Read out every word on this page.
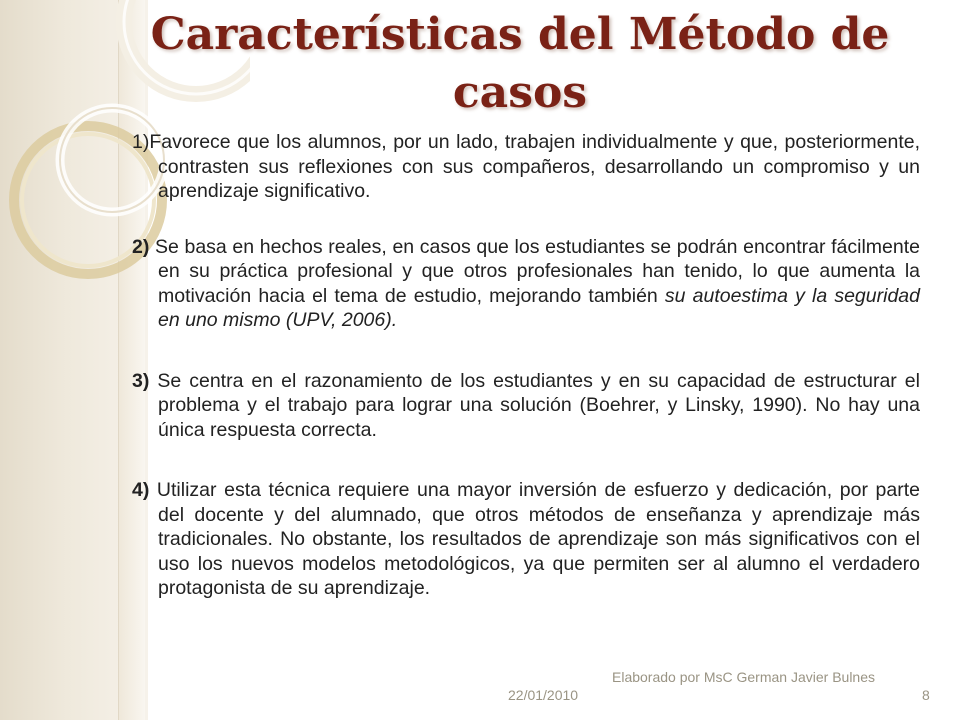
Características del Método de casos

1)Favorece que los alumnos, por un lado, trabajen individualmente y que, posteriormente, contrasten sus reflexiones con sus compañeros, desarrollando un compromiso y un aprendizaje significativo.

2) Se basa en hechos reales, en casos que los estudiantes se podrán encontrar fácilmente en su práctica profesional y que otros profesionales han tenido, lo que aumenta la motivación hacia el tema de estudio, mejorando también su autoestima y la seguridad en uno mismo (UPV, 2006).

3) Se centra en el razonamiento de los estudiantes y en su capacidad de estructurar el problema y el trabajo para lograr una solución (Boehrer, y Linsky, 1990). No hay una única respuesta correcta.

4) Utilizar esta técnica requiere una mayor inversión de esfuerzo y dedicación, por parte del docente y del alumnado, que otros métodos de enseñanza y aprendizaje más tradicionales. No obstante, los resultados de aprendizaje son más significativos con el uso los nuevos modelos metodológicos, ya que permiten ser al alumno el verdadero protagonista de su aprendizaje.

22/01/2010
Elaborado por MsC German Javier Bulnes
8
